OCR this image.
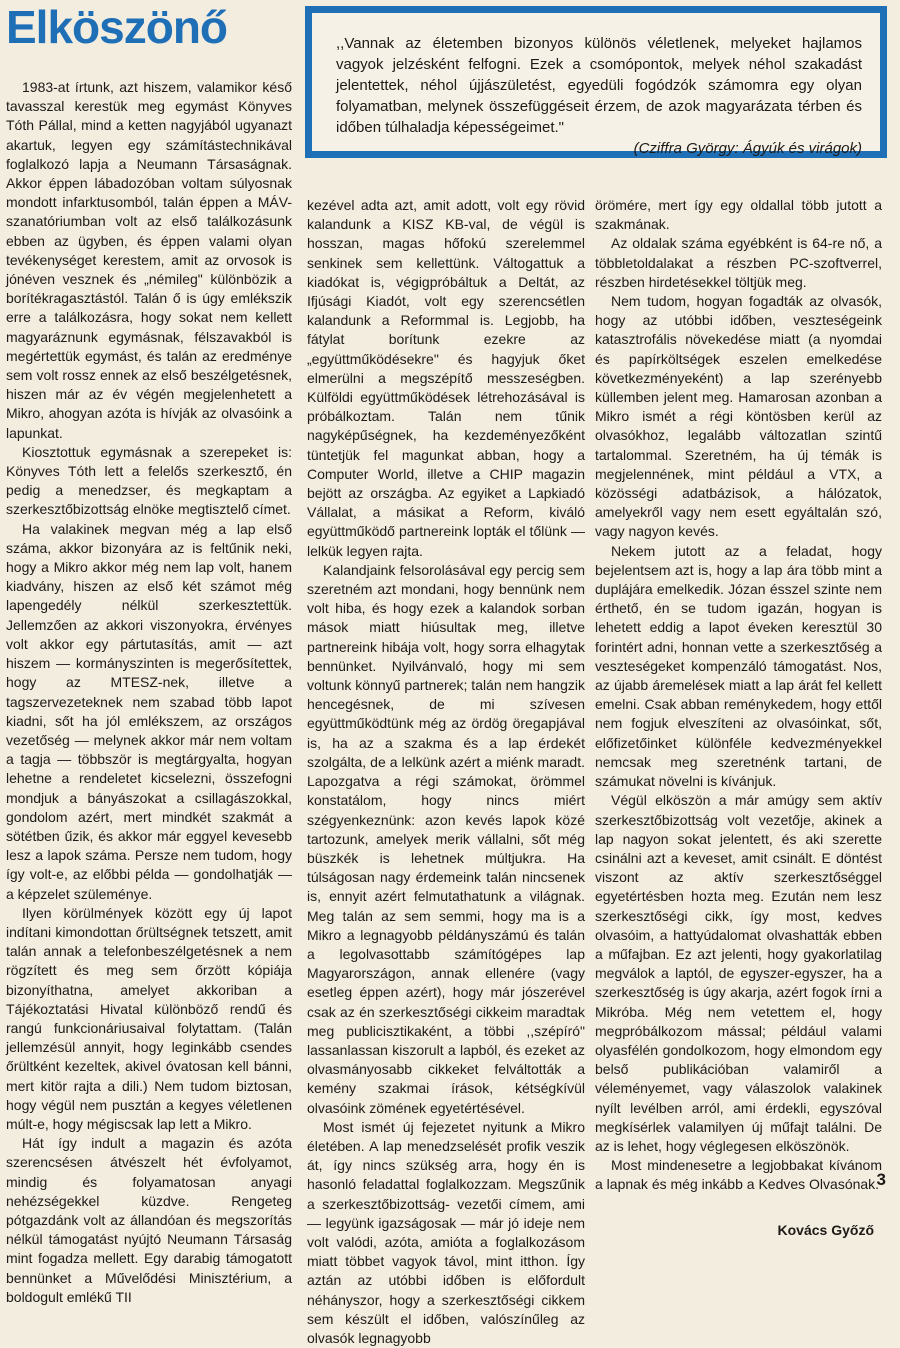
Elköszönő	,,Vannak az életemben bizonyos különös véletlenek, melyeket hajlamos vagyok jelzésként felfogni. Ezek a csomópontok, melyek néhol szakadást jelentettek, néhol újjászületést, egyedüli fogódzók számomra egy olyan folyamatban, melynek összefüggéseit érzem, de azok magyarázata térben és időben túlhaladja képességeimet."
(Cziffra György: Ágyúk és virágok)

1983-at írtunk, azt hiszem, valamikor késő tavasszal kerestük meg egymást Könyves Tóth Pállal, mind a ketten nagyjából ugyanazt akartuk, legyen egy számítástechnikával foglalkozó lapja a Neumann Társaságnak. Akkor éppen lábadozóban voltam súlyosnak mondott infarktusomból, talán éppen a MÁV-szanatóriumban volt az első találkozásunk ebben az ügyben, és éppen valami olyan tevékenységet kerestem, amit az orvosok is jónéven vesznek és „némileg" különbözik a borítékragasztástól. Talán ő is úgy emlékszik erre a találkozásra, hogy sokat nem kellett magyaráznunk egymásnak, félszavakból is megértettük egymást, és talán az eredménye sem volt rossz ennek az első beszélgetésnek, hiszen már az év végén megjelenhetett a Mikro, ahogyan azóta is hívják az olvasóink a lapunkat.

Kiosztottuk egymásnak a szerepeket is: Könyves Tóth lett a felelős szerkesztő, én pedig a menedzser, és megkaptam a szerkesztőbizottság elnöke megtisztelő címet.

Ha valakinek megvan még a lap első száma, akkor bizonyára az is feltűnik neki, hogy a Mikro akkor még nem lap volt, hanem kiadvány, hiszen az első két számot még lapengedély nélkül szerkesztettük. Jellemzően az akkori viszonyokra, érvényes volt akkor egy pártutasítás, amit — azt hiszem — kormányszinten is megerősítettek, hogy az MTESZ-nek, illetve a tagszervezeteknek nem szabad több lapot kiadni, sőt ha jól emlékszem, az országos vezetőség — melynek akkor már nem voltam a tagja — többször is megtárgyalta, hogyan lehetne a rendeletet kicselezni, összefogni mondjuk a bányászokat a csillagászokkal, gondolom azért, mert mindkét szakmát a sötétben űzik, és akkor már eggyel kevesebb lesz a lapok száma. Persze nem tudom, hogy így volt-e, az előbbi példa — gondolhatják — a képzelet szüleménye.

Ilyen körülmények között egy új lapot indítani kimondottan őrültségnek tetszett, amit talán annak a telefonbeszélgetésnek a nem rögzített és meg sem őrzött kópiája bizonyíthatna, amelyet akkoriban a Tájékoztatási Hivatal különböző rendű és rangú funkcionáriusaival folytattam. (Talán jellemzésül annyit, hogy leginkább csendes őrültként kezeltek, akivel óvatosan kell bánni, mert kitör rajta a dili.) Nem tudom biztosan, hogy végül nem pusztán a kegyes véletlenen múlt-e, hogy mégiscsak lap lett a Mikro.

Hát így indult a magazin és azóta szerencsésen átvészelt hét évfolyamot, mindig és folyamatosan anyagi nehézségekkel küzdve. Rengeteg pótgazdánk volt az állandóan és megszorítás nélkül támogatást nyújtó Neumann Társaság mint fogadza mellett. Egy darabig támogatott bennünket a Művelődési Minisztérium, a boldogult emlékű TII

kezével adta azt, amit adott, volt egy rövid kalandunk a KISZ KB-val, de végül is hosszan, magas hőfokú szerelemmel senkinek sem kellettünk. Váltogattuk a kiadókat is, végigpróbáltuk a Deltát, az Ifjúsági Kiadót, volt egy szerencsétlen kalandunk a Reformmal is. Legjobb, ha fátylat borítunk ezekre az „együttműködésekre" és hagyjuk őket elmerülni a megszépítő messzeségben. Külföldi együttműködések létrehozásával is próbálkoztam. Talán nem tűnik nagyképűségnek, ha kezdeményezőként tüntetjük fel magunkat abban, hogy a Computer World, illetve a CHIP magazin bejött az országba. Az egyiket a Lapkiadó Vállalat, a másikat a Reform, kiváló együttműködő partnereink lopták el tőlünk — lelkük legyen rajta.

Kalandjaink felsorolásával egy percig sem szeretném azt mondani, hogy bennünk nem volt hiba, és hogy ezek a kalandok sorban mások miatt hiúsultak meg, illetve partnereink hibája volt, hogy sorra elhagytak bennünket. Nyilvánvaló, hogy mi sem voltunk könnyű partnerek; talán nem hangzik hencegésnek, de mi szívesen együttműködtünk még az ördög öregapjával is, ha az a szakma és a lap érdekét szolgálta, de a lelkünk azért a miénk maradt. Lapozgatva a régi számokat, örömmel konstatálom, hogy nincs miért szégyenkeznünk: azon kevés lapok közé tartozunk, amelyek merik vállalni, sőt még büszkék is lehetnek múltjukra. Ha túlságosan nagy érdemeink talán nincsenek is, ennyit azért felmutathatunk a világnak. Meg talán az sem semmi, hogy ma is a Mikro a legnagyobb példányszámú és talán a legolvasottabb számítógépes lap Magyarországon, annak ellenére (vagy esetleg éppen azért), hogy már jószerével csak az én szerkesztőségi cikkeim maradtak meg publicisztikaként, a többi ,,szépíró" lassanlassan kiszorult a lapból, és ezeket az olvasmányosabb cikkeket felváltották a kemény szakmai írások, kétségkívül olvasóink zömének egyetértésével.

Most ismét új fejezetet nyitunk a Mikro életében. A lap menedzselését profik veszik át, így nincs szükség arra, hogy én is hasonló feladattal foglalkozzam. Megszűnik a szerkesztőbizottság- vezetői címem, ami — legyünk igazságosak — már jó ideje nem volt valódi, azóta, amióta a foglalkozásom miatt többet vagyok távol, mint itthon. Így aztán az utóbbi időben is előfordult néhányszor, hogy a szerkesztőségi cikkem sem készült el időben, valószínűleg az olvasók legnagyobb

örömére, mert így egy oldallal több jutott a szakmának.

Az oldalak száma egyébként is 64-re nő, a többletoldalakat a részben PC-szoftverrel, részben hirdetésekkel töltjük meg.

Nem tudom, hogyan fogadták az olvasók, hogy az utóbbi időben, veszteségeink katasztrofális növekedése miatt (a nyomdai és papírköltségek eszelen emelkedése következményeként) a lap szerényebb küllemben jelent meg. Hamarosan azonban a Mikro ismét a régi köntösben kerül az olvasókhoz, legalább változatlan szintű tartalommal. Szeretném, ha új témák is megjelennének, mint például a VTX, a közösségi adatbázisok, a hálózatok, amelyekről vagy nem esett egyáltalán szó, vagy nagyon kevés.

Nekem jutott az a feladat, hogy bejelentsem azt is, hogy a lap ára több mint a duplájára emelkedik. Józan ésszel szinte nem érthető, én se tudom igazán, hogyan is lehetett eddig a lapot éveken keresztül 30 forintért adni, honnan vette a szerkesztőség a veszteségeket kompenzáló támogatást. Nos, az újabb áremelések miatt a lap árát fel kellett emelni. Csak abban reménykedem, hogy ettől nem fogjuk elveszíteni az olvasóinkat, sőt, előfizetőinket különféle kedvezményekkel nemcsak meg szeretnénk tartani, de számukat növelni is kívánjuk.

Végül elköszön a már amúgy sem aktív szerkesztőbizottság volt vezetője, akinek a lap nagyon sokat jelentett, és aki szerette csinálni azt a keveset, amit csinált. E döntést viszont az aktív szerkesztőséggel egyetértésben hozta meg. Ezután nem lesz szerkesztőségi cikk, így most, kedves olvasóim, a hattyúdalomat olvashatták ebben a műfajban. Ez azt jelenti, hogy gyakorlatilag megválok a laptól, de egyszer-egyszer, ha a szerkesztőség is úgy akarja, azért fogok írni a Mikróba. Még nem vetettem el, hogy megpróbálkozom mással; például valami olyasfélén gondolkozom, hogy elmondom egy belső publikációban valamiről a véleményemet, vagy válaszolok valakinek nyílt levélben arról, ami érdekli, egyszóval megkísérlek valamilyen új műfajt találni. De az is lehet, hogy véglegesen elköszönök.

Most mindenesetre a legjobbakat kívánom a lapnak és még inkább a Kedves Olvasónak.

Kovács Győző
3
